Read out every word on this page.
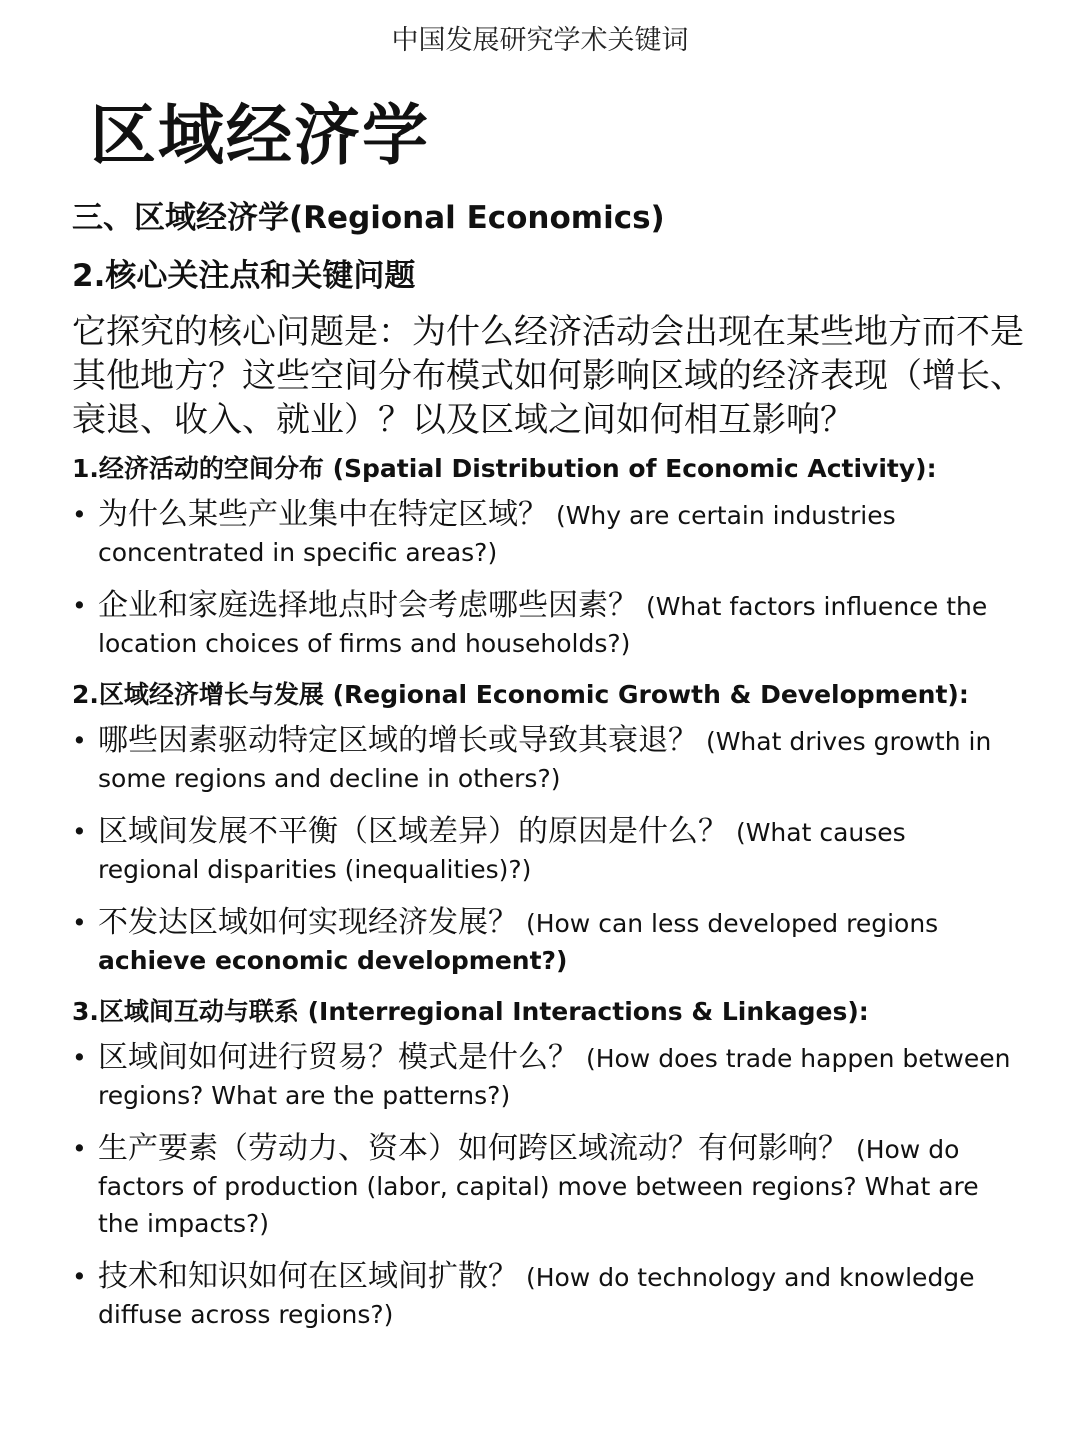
中国发展研究学术关键词
区域经济学
三、区域经济学(Regional Economics)
2.核心关注点和关键问题
它探究的核心问题是：为什么经济活动会出现在某些地方而不是其他地方？这些空间分布模式如何影响区域的经济表现（增长、衰退、收入、就业）？以及区域之间如何相互影响？
1.经济活动的空间分布 (Spatial Distribution of Economic Activity):
• 为什么某些产业集中在特定区域？ (Why are certain industries concentrated in specific areas?)
• 企业和家庭选择地点时会考虑哪些因素？ (What factors influence the location choices of firms and households?)
2.区域经济增长与发展 (Regional Economic Growth & Development):
• 哪些因素驱动特定区域的增长或导致其衰退？ (What drives growth in some regions and decline in others?)
• 区域间发展不平衡（区域差异）的原因是什么？ (What causes regional disparities (inequalities)?)
• 不发达区域如何实现经济发展？ (How can less developed regions achieve economic development?)
3.区域间互动与联系 (Interregional Interactions & Linkages):
• 区域间如何进行贸易？模式是什么？ (How does trade happen between regions? What are the patterns?)
• 生产要素（劳动力、资本）如何跨区域流动？有何影响？ (How do factors of production (labor, capital) move between regions? What are the impacts?)
• 技术和知识如何在区域间扩散？ (How do technology and knowledge diffuse across regions?)
